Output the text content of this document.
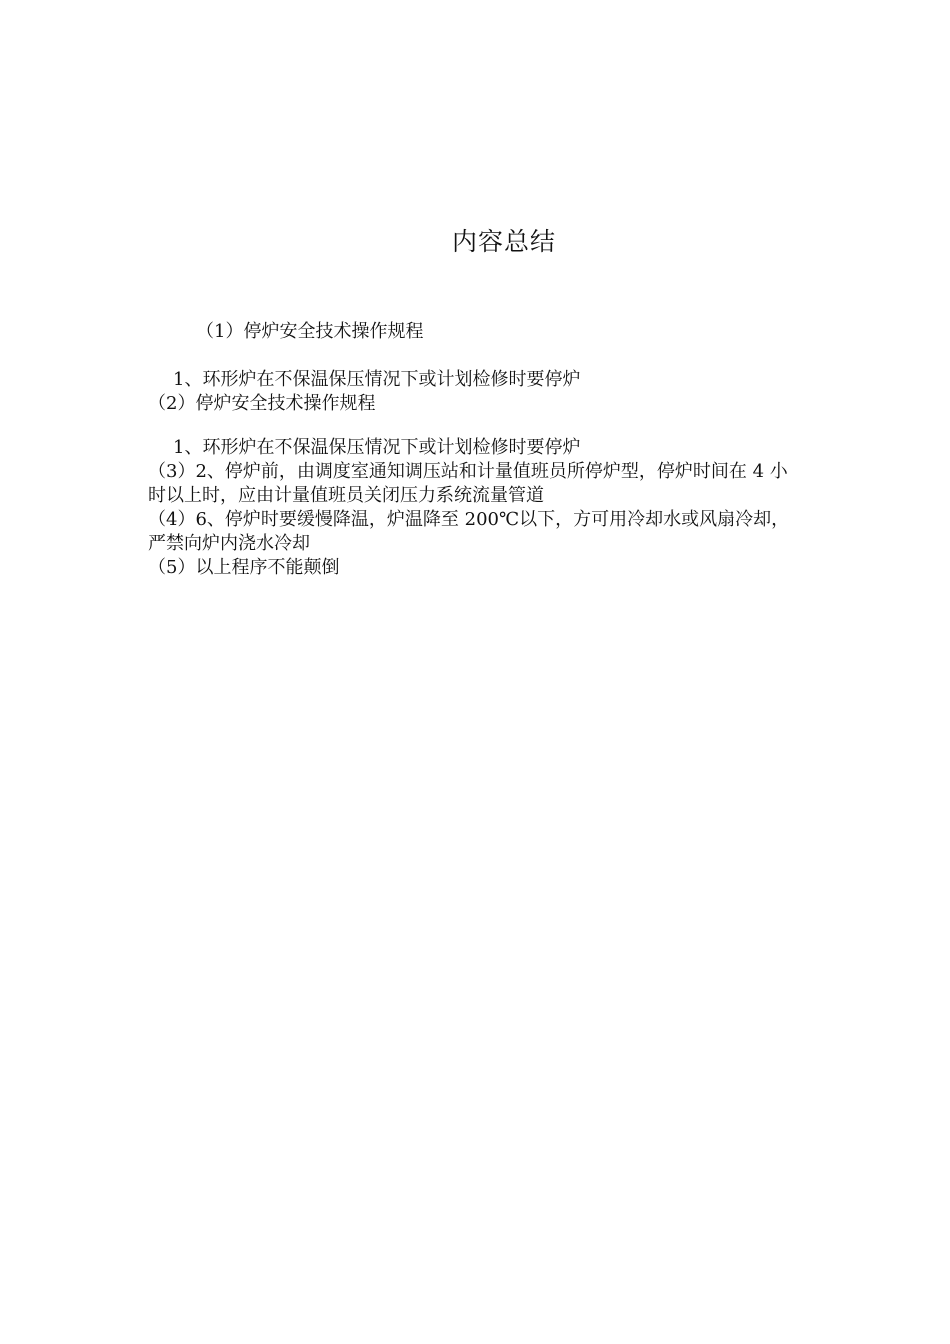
内容总结
（1）停炉安全技术操作规程
1、环形炉在不保温保压情况下或计划检修时要停炉
（2）停炉安全技术操作规程
1、环形炉在不保温保压情况下或计划检修时要停炉
（3）2、停炉前，由调度室通知调压站和计量值班员所停炉型，停炉时间在 4 小时以上时，应由计量值班员关闭压力系统流量管道
（4）6、停炉时要缓慢降温，炉温降至 200℃以下，方可用冷却水或风扇冷却，严禁向炉内浇水冷却
（5）以上程序不能颠倒
